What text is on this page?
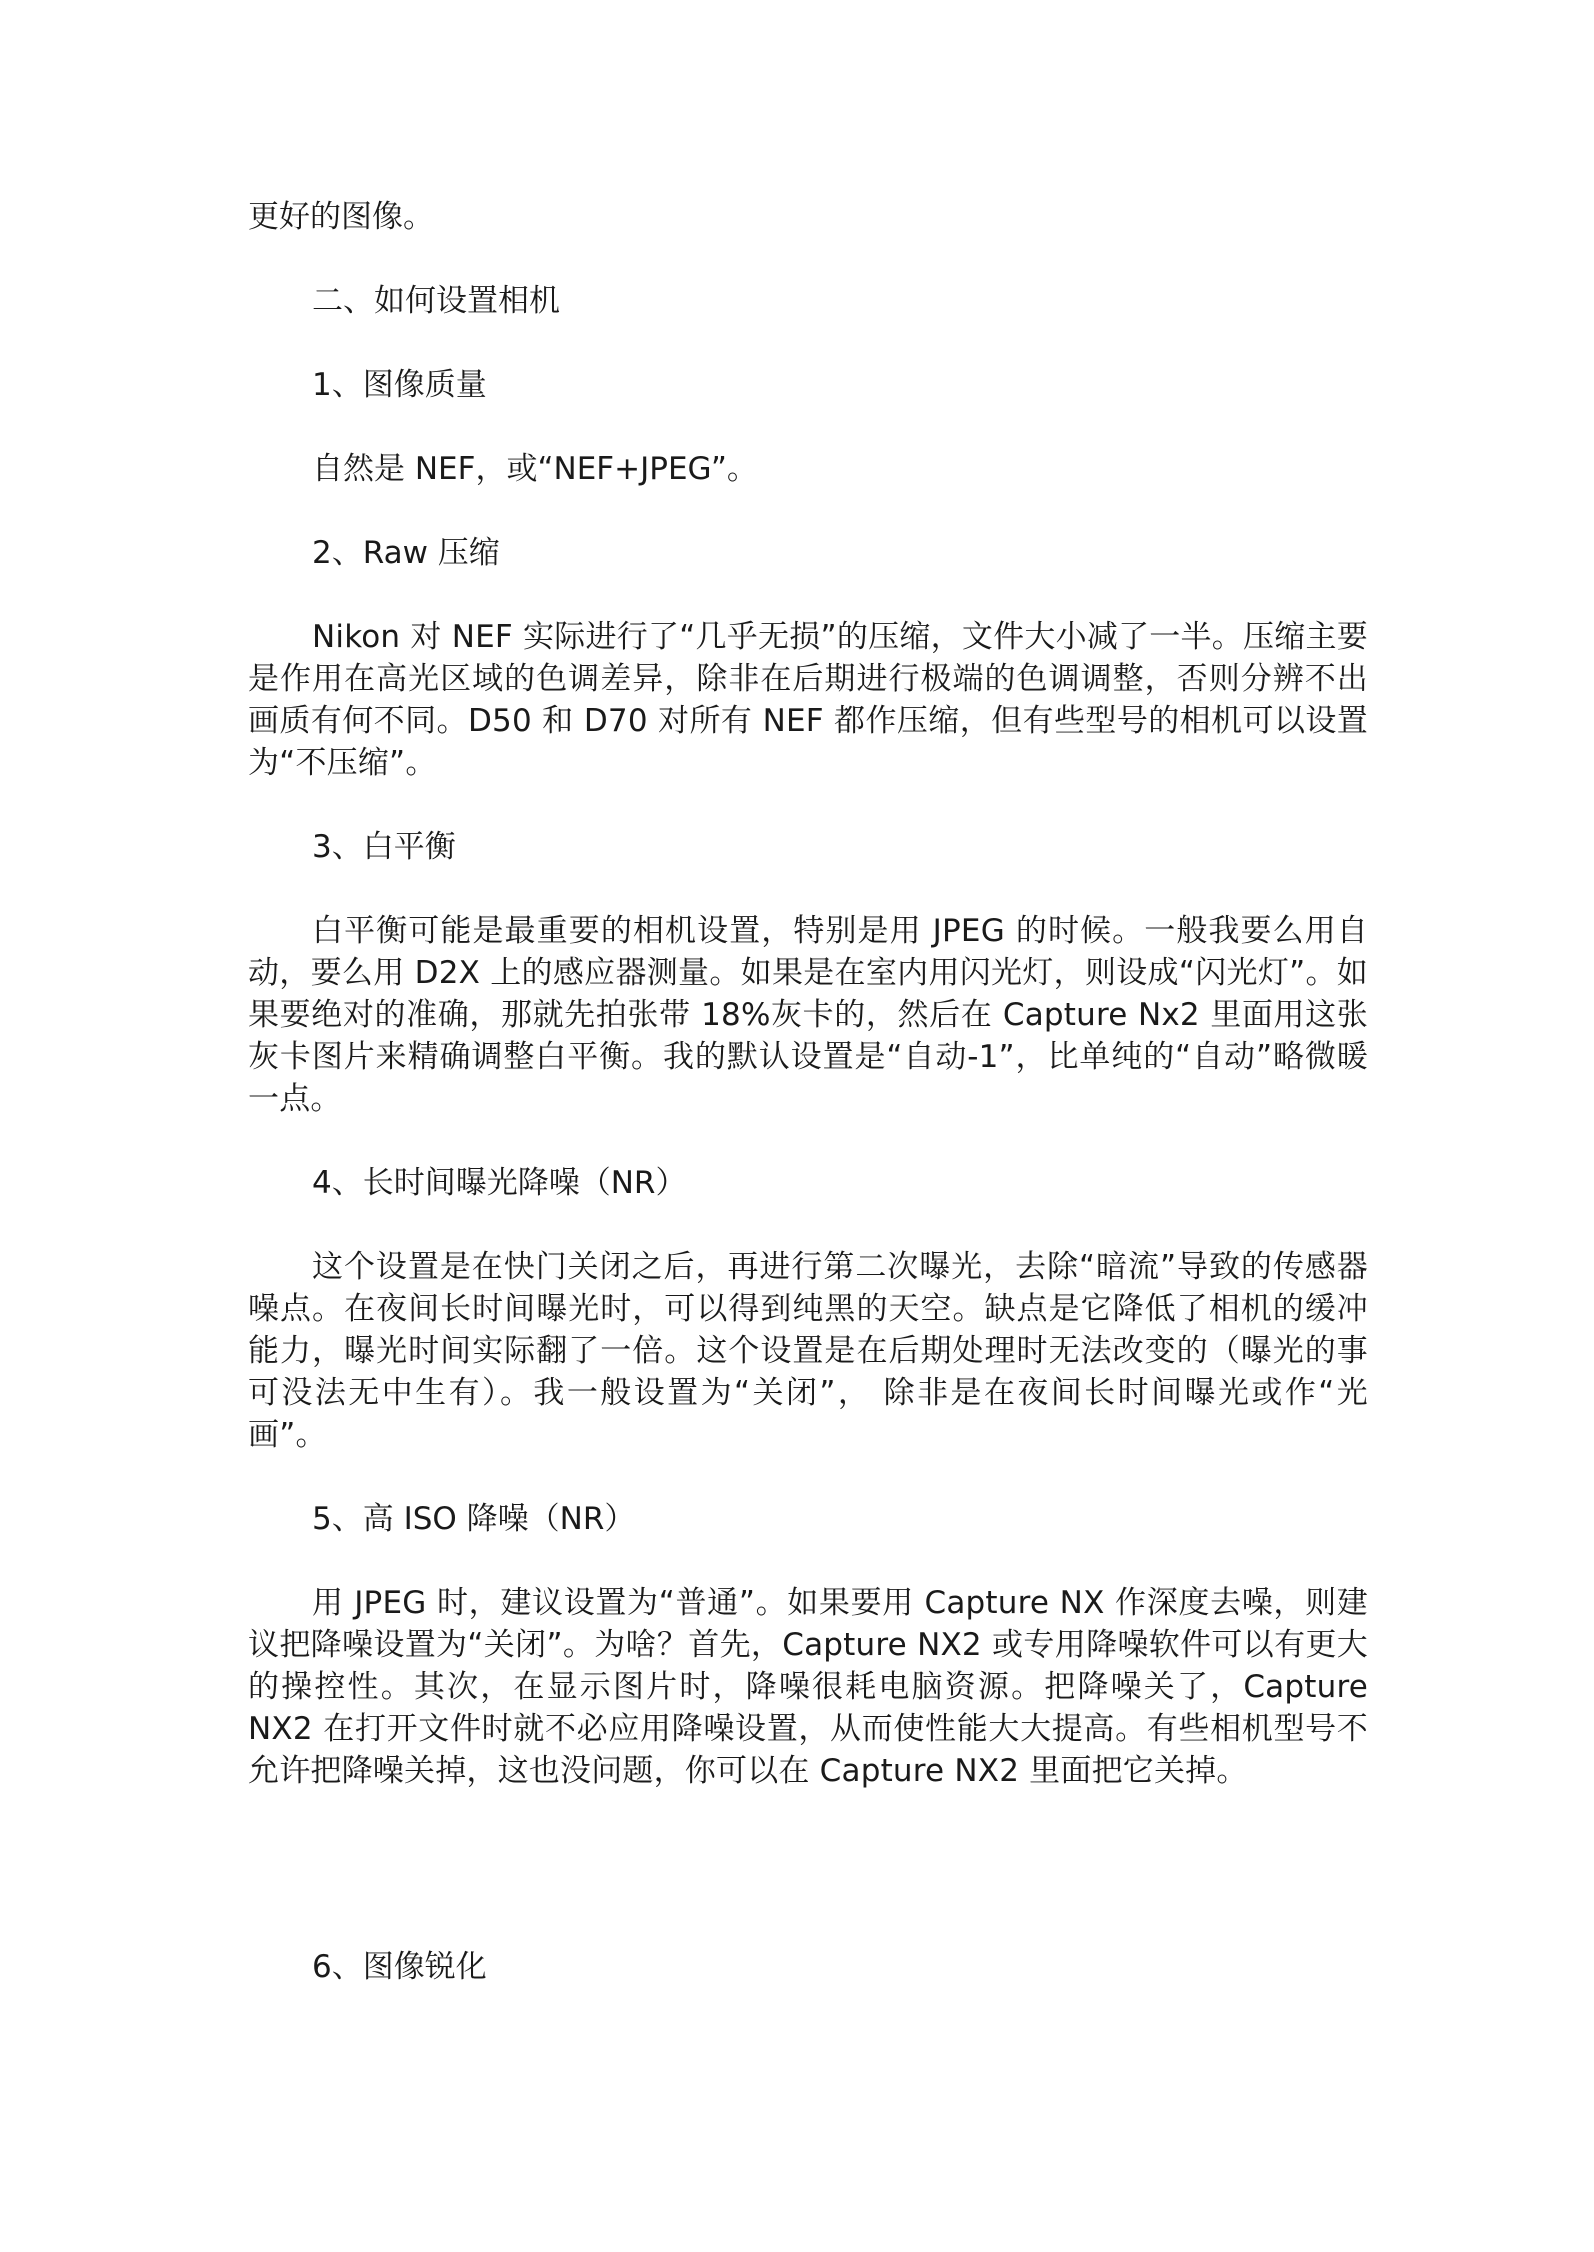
更好的图像。

二、如何设置相机

1、图像质量

自然是 NEF，或“NEF+JPEG”。

2、Raw 压缩

Nikon 对 NEF 实际进行了“几乎无损”的压缩，文件大小减了一半。压缩主要是作用在高光区域的色调差异，除非在后期进行极端的色调调整，否则分辨不出画质有何不同。D50 和 D70 对所有 NEF 都作压缩，但有些型号的相机可以设置为“不压缩”。

3、白平衡

白平衡可能是最重要的相机设置，特别是用 JPEG 的时候。一般我要么用自动，要么用 D2X 上的感应器测量。如果是在室内用闪光灯，则设成“闪光灯”。如果要绝对的准确，那就先拍张带 18%灰卡的，然后在 Capture Nx2 里面用这张灰卡图片来精确调整白平衡。我的默认设置是“自动-1”，比单纯的“自动”略微暖一点。

4、长时间曝光降噪（NR）

这个设置是在快门关闭之后，再进行第二次曝光，去除“暗流”导致的传感器噪点。在夜间长时间曝光时，可以得到纯黑的天空。缺点是它降低了相机的缓冲能力，曝光时间实际翻了一倍。这个设置是在后期处理时无法改变的（曝光的事可没法无中生有）。我一般设置为“关闭”， 除非是在夜间长时间曝光或作“光画”。

5、高 ISO 降噪（NR）

用 JPEG 时，建议设置为“普通”。如果要用 Capture NX 作深度去噪，则建议把降噪设置为“关闭”。为啥？首先，Capture NX2 或专用降噪软件可以有更大的操控性。其次，在显示图片时，降噪很耗电脑资源。把降噪关了，Capture NX2 在打开文件时就不必应用降噪设置，从而使性能大大提高。有些相机型号不允许把降噪关掉，这也没问题，你可以在 Capture NX2 里面把它关掉。

6、图像锐化
